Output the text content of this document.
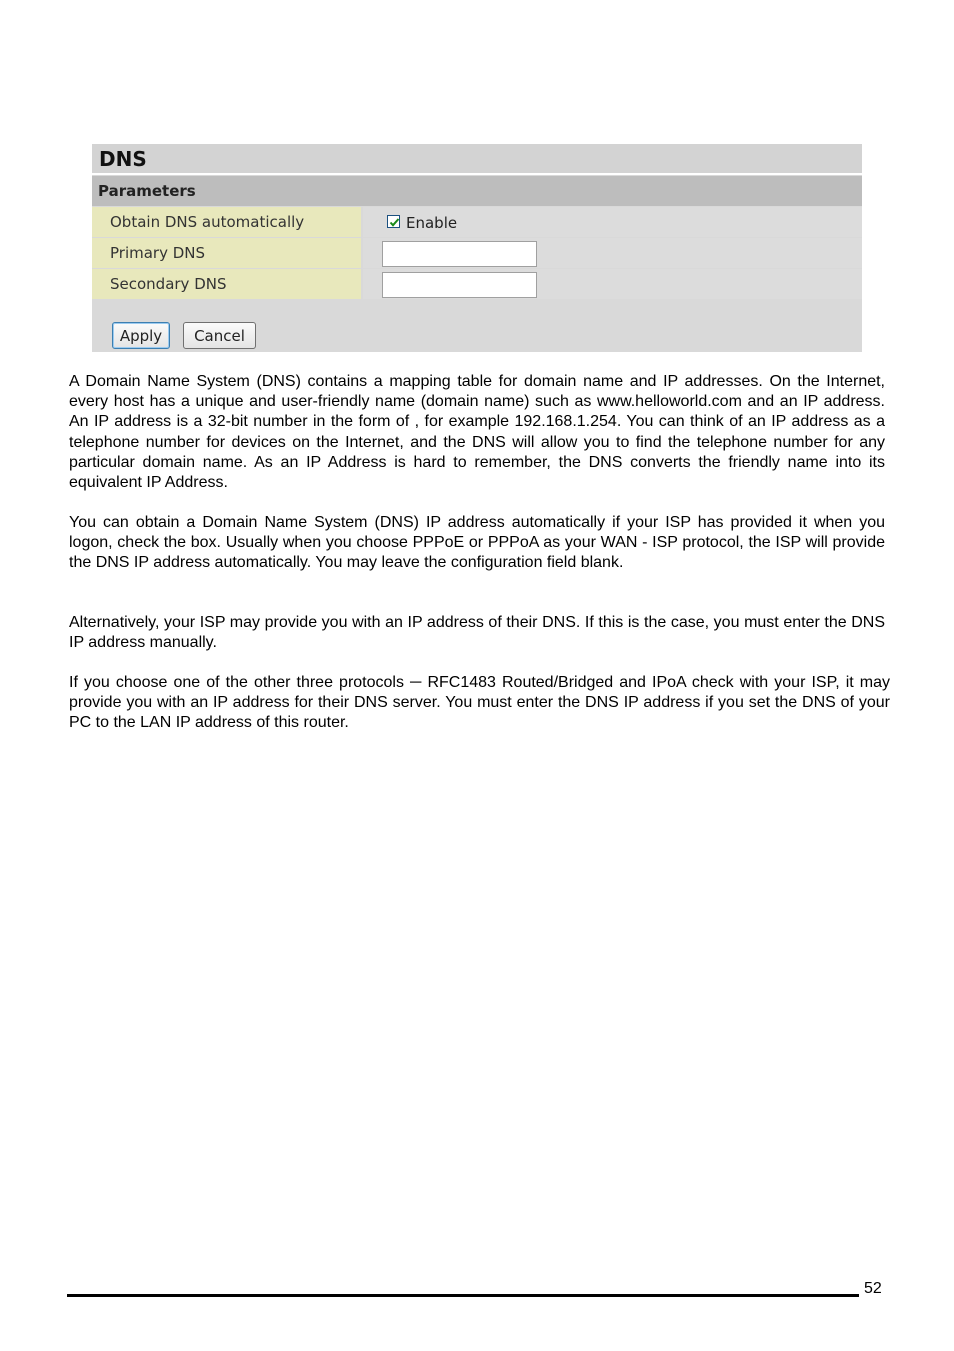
DNS
Parameters
Obtain DNS automatically	Enable
Primary DNS
Secondary DNS
Apply	Cancel

A Domain Name System (DNS) contains a mapping table for domain name and IP addresses. On the Internet, every host has a unique and user-friendly name (domain name) such as www.helloworld.com and an IP address. An IP address is a 32-bit number in the form of , for example 192.168.1.254. You can think of an IP address as a telephone number for devices on the Internet, and the DNS will allow you to find the telephone number for any particular domain name. As an IP Address is hard to remember, the DNS converts the friendly name into its equivalent IP Address.

You can obtain a Domain Name System (DNS) IP address automatically if your ISP has provided it when you logon, check the box. Usually when you choose PPPoE or PPPoA as your WAN - ISP protocol, the ISP will provide the DNS IP address automatically. You may leave the configuration field blank.

Alternatively, your ISP may provide you with an IP address of their DNS. If this is the case, you must enter the DNS IP address manually.

If you choose one of the other three protocols ─ RFC1483 Routed/Bridged and IPoA check with your ISP, it may provide you with an IP address for their DNS server. You must enter the DNS IP address if you set the DNS of your PC to the LAN IP address of this router.

52
